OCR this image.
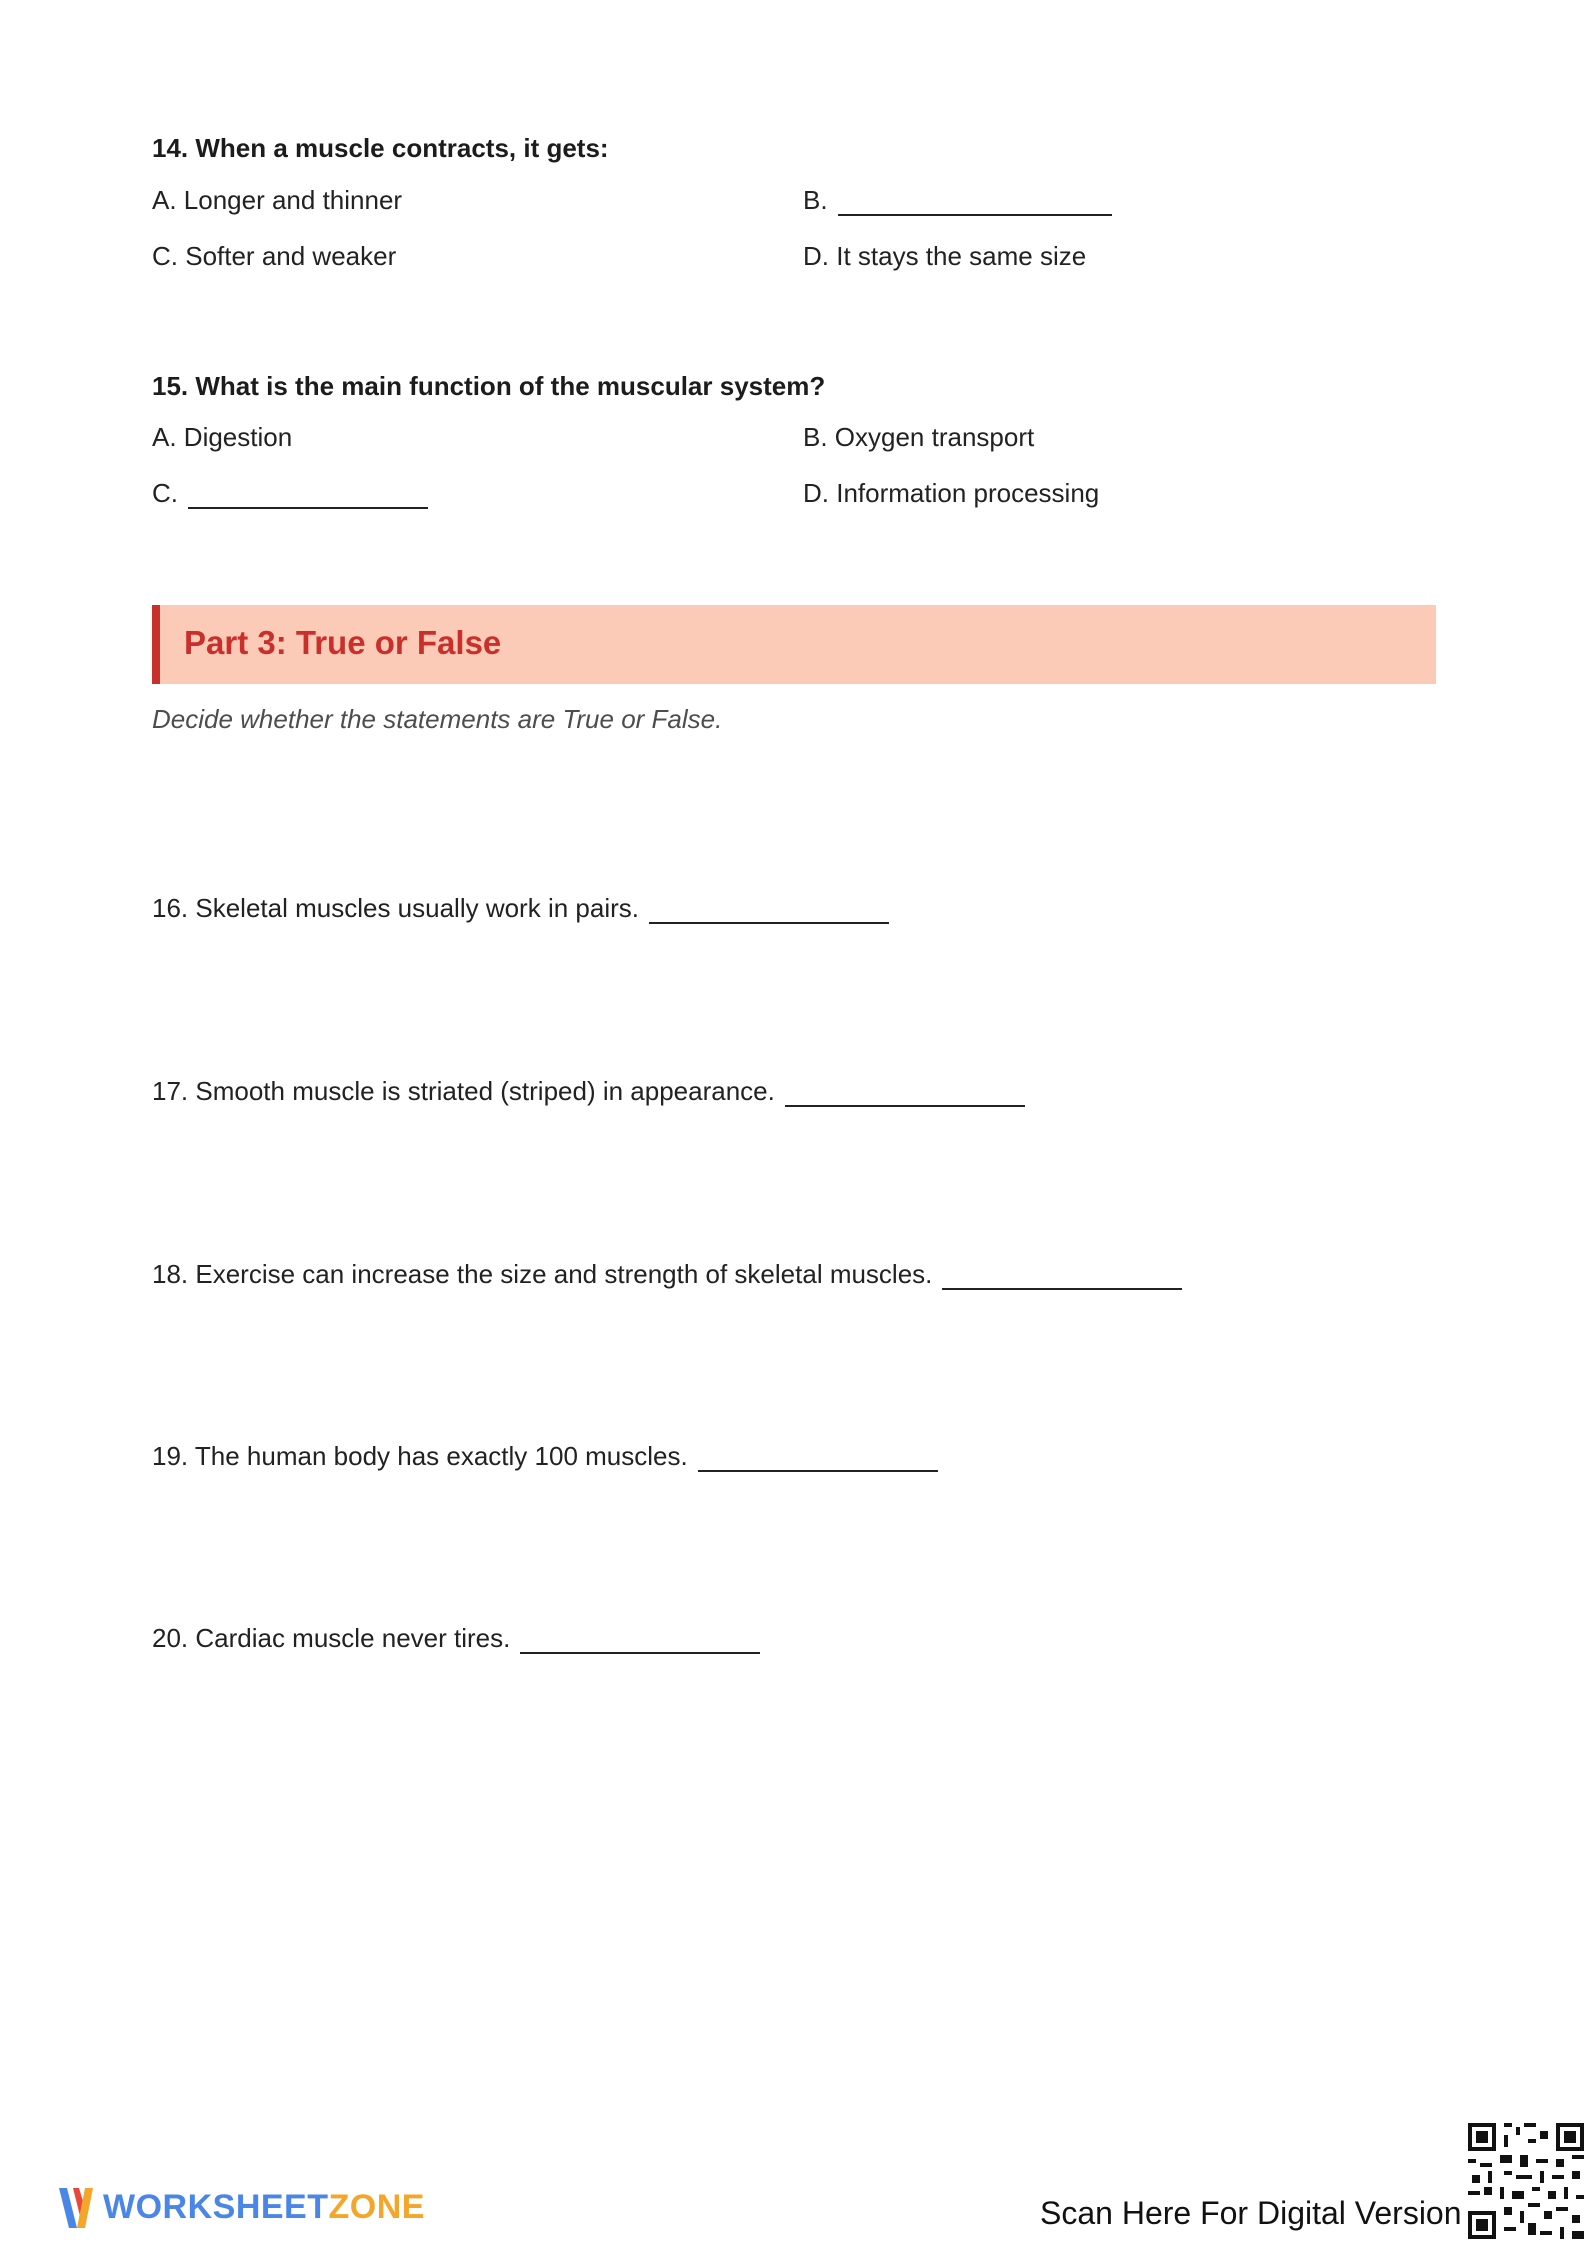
14. When a muscle contracts, it gets:
A. Longer and thinner	B.
C. Softer and weaker	D. It stays the same size
15. What is the main function of the muscular system?
A. Digestion	B. Oxygen transport
C.	D. Information processing
Part 3: True or False
Decide whether the statements are True or False.
16. Skeletal muscles usually work in pairs.
17. Smooth muscle is striated (striped) in appearance.
18. Exercise can increase the size and strength of skeletal muscles.
19. The human body has exactly 100 muscles.
20. Cardiac muscle never tires.
WORKSHEETZONE	Scan Here For Digital Version
